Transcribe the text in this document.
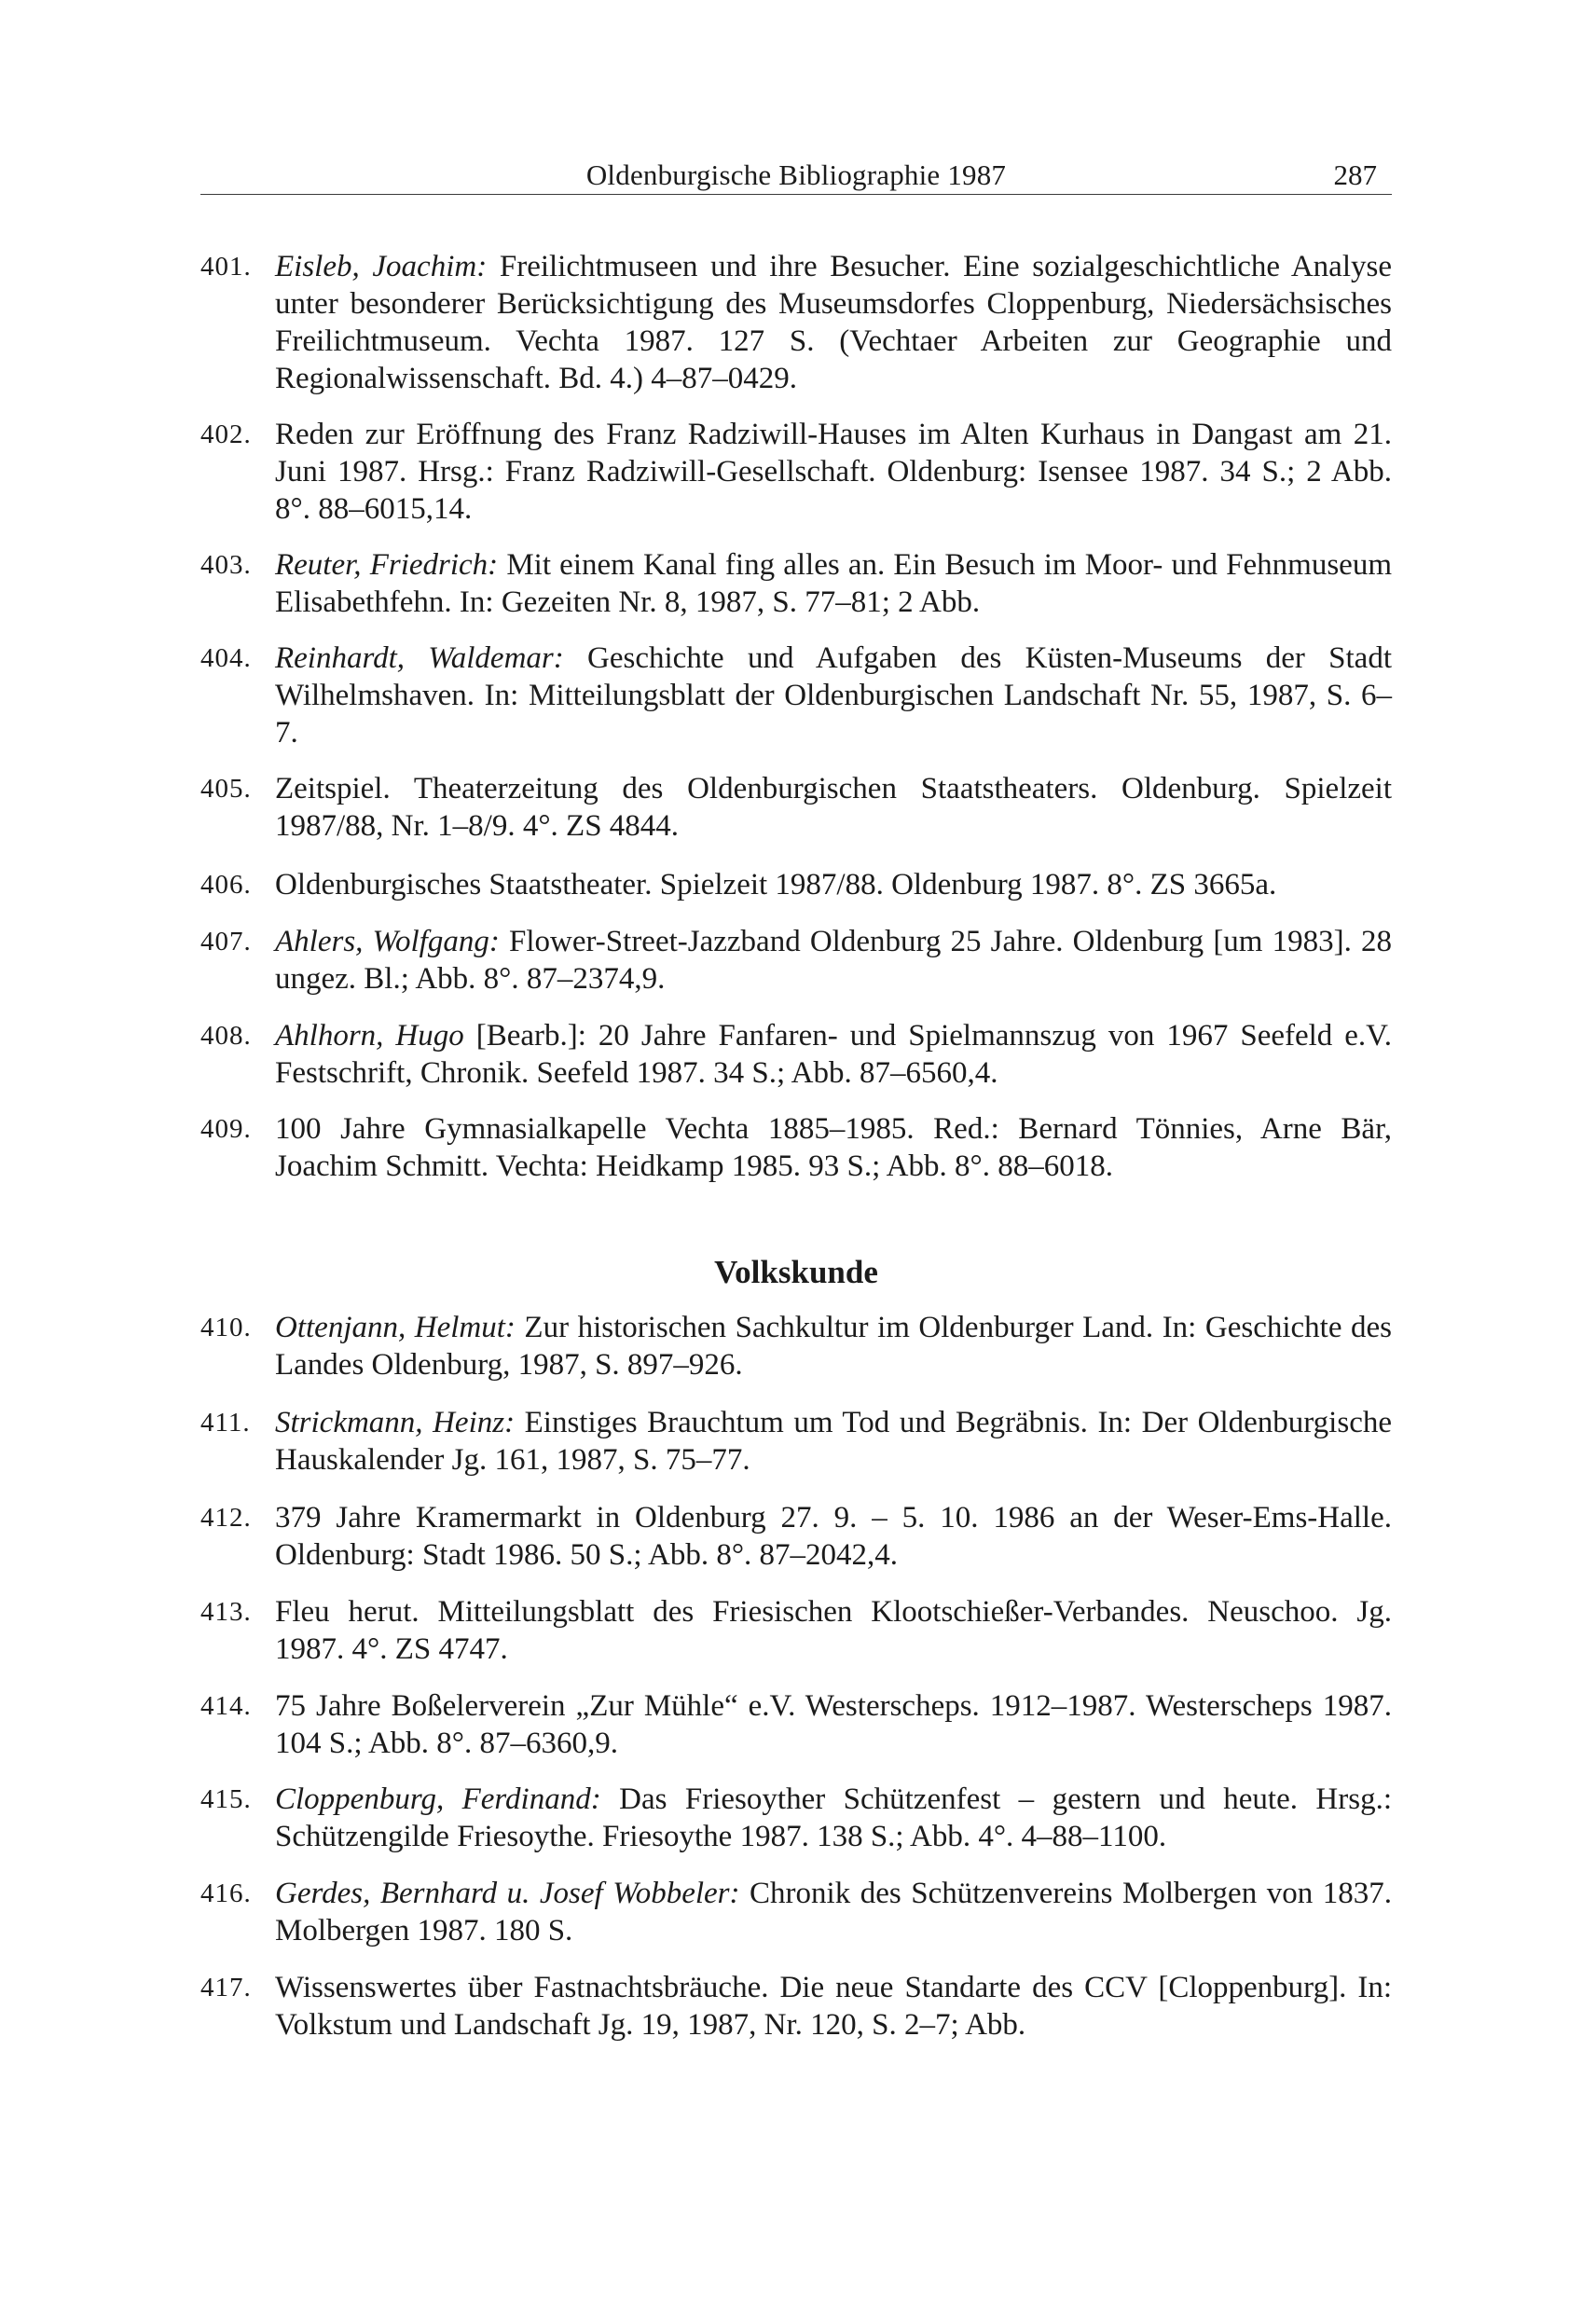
Oldenburgische Bibliographie 1987	287
401. Eisleb, Joachim: Freilichtmuseen und ihre Besucher. Eine sozialgeschichtliche Analyse unter besonderer Berücksichtigung des Museumsdorfes Cloppenburg, Niedersächsisches Freilichtmuseum. Vechta 1987. 127 S. (Vechtaer Arbeiten zur Geographie und Regionalwissenschaft. Bd. 4.) 4–87–0429.
402. Reden zur Eröffnung des Franz Radziwill-Hauses im Alten Kurhaus in Dangast am 21. Juni 1987. Hrsg.: Franz Radziwill-Gesellschaft. Oldenburg: Isensee 1987. 34 S.; 2 Abb. 8°. 88–6015,14.
403. Reuter, Friedrich: Mit einem Kanal fing alles an. Ein Besuch im Moor- und Fehnmuseum Elisabethfehn. In: Gezeiten Nr. 8, 1987, S. 77–81; 2 Abb.
404. Reinhardt, Waldemar: Geschichte und Aufgaben des Küsten-Museums der Stadt Wilhelmshaven. In: Mitteilungsblatt der Oldenburgischen Landschaft Nr. 55, 1987, S. 6–7.
405. Zeitspiel. Theaterzeitung des Oldenburgischen Staatstheaters. Oldenburg. Spielzeit 1987/88, Nr. 1–8/9. 4°. ZS 4844.
406. Oldenburgisches Staatstheater. Spielzeit 1987/88. Oldenburg 1987. 8°. ZS 3665a.
407. Ahlers, Wolfgang: Flower-Street-Jazzband Oldenburg 25 Jahre. Oldenburg [um 1983]. 28 ungez. Bl.; Abb. 8°. 87–2374,9.
408. Ahlhorn, Hugo [Bearb.]: 20 Jahre Fanfaren- und Spielmannszug von 1967 Seefeld e.V. Festschrift, Chronik. Seefeld 1987. 34 S.; Abb. 87–6560,4.
409. 100 Jahre Gymnasialkapelle Vechta 1885–1985. Red.: Bernard Tönnies, Arne Bär, Joachim Schmitt. Vechta: Heidkamp 1985. 93 S.; Abb. 8°. 88–6018.
Volkskunde
410. Ottenjann, Helmut: Zur historischen Sachkultur im Oldenburger Land. In: Geschichte des Landes Oldenburg, 1987, S. 897–926.
411. Strickmann, Heinz: Einstiges Brauchtum um Tod und Begräbnis. In: Der Oldenburgische Hauskalender Jg. 161, 1987, S. 75–77.
412. 379 Jahre Kramermarkt in Oldenburg 27. 9. – 5. 10. 1986 an der Weser-Ems-Halle. Oldenburg: Stadt 1986. 50 S.; Abb. 8°. 87–2042,4.
413. Fleu herut. Mitteilungsblatt des Friesischen Klootschießer-Verbandes. Neuschoo. Jg. 1987. 4°. ZS 4747.
414. 75 Jahre Boßelerverein „Zur Mühle“ e.V. Westerscheps. 1912–1987. Westerscheps 1987. 104 S.; Abb. 8°. 87–6360,9.
415. Cloppenburg, Ferdinand: Das Friesoyther Schützenfest – gestern und heute. Hrsg.: Schützengilde Friesoythe. Friesoythe 1987. 138 S.; Abb. 4°. 4–88–1100.
416. Gerdes, Bernhard u. Josef Wobbeler: Chronik des Schützenvereins Molbergen von 1837. Molbergen 1987. 180 S.
417. Wissenswertes über Fastnachtsbräuche. Die neue Standarte des CCV [Cloppenburg]. In: Volkstum und Landschaft Jg. 19, 1987, Nr. 120, S. 2–7; Abb.
